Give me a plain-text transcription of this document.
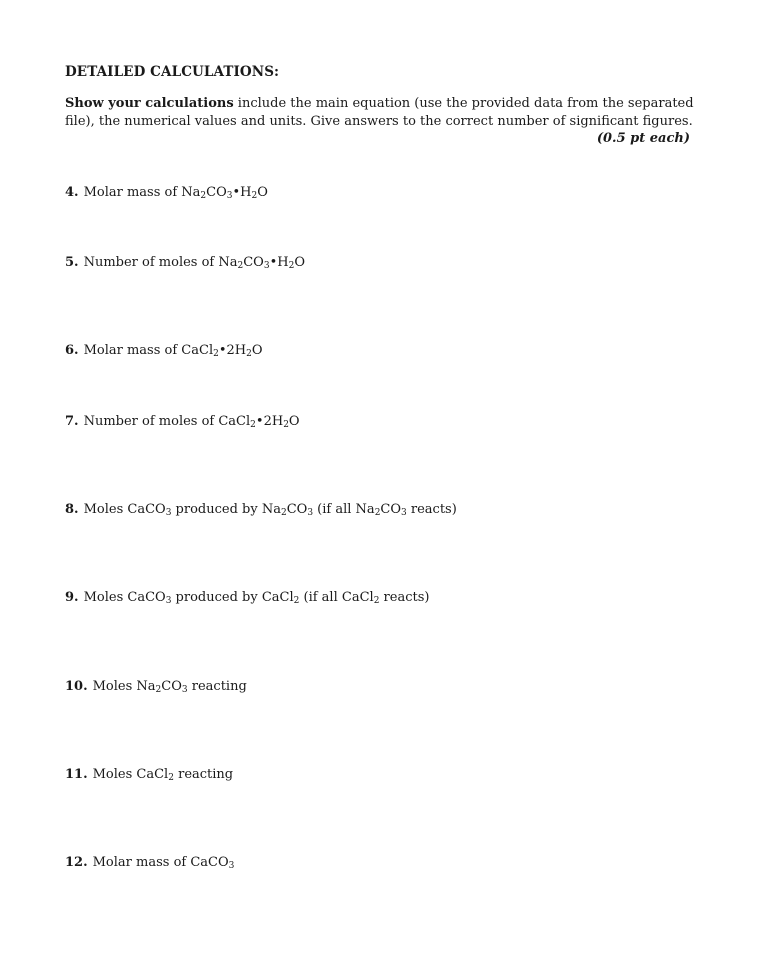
DETAILED CALCULATIONS:
Show your calculations include the main equation (use the provided data from the separated file), the numerical values and units. Give answers to the correct number of significant figures.
(0.5 pt each)
4. Molar mass of $Na_2CO_3•H_2O$
5. Number of moles of $Na_2CO_3•H_2O$
6. Molar mass of $CaCl_2•2H_2O$
7. Number of moles of $CaCl_2•2H_2O$
8. Moles CaCO$_3$ produced by $Na_2CO_3$ (if all $Na_2CO_3$ reacts)
9. Moles CaCO$_3$ produced by CaCl$_2$ (if all CaCl$_2$ reacts)
10. Moles $Na_2CO_3$ reacting
11. Moles CaCl$_2$ reacting
12. Molar mass of CaCO$_3$
